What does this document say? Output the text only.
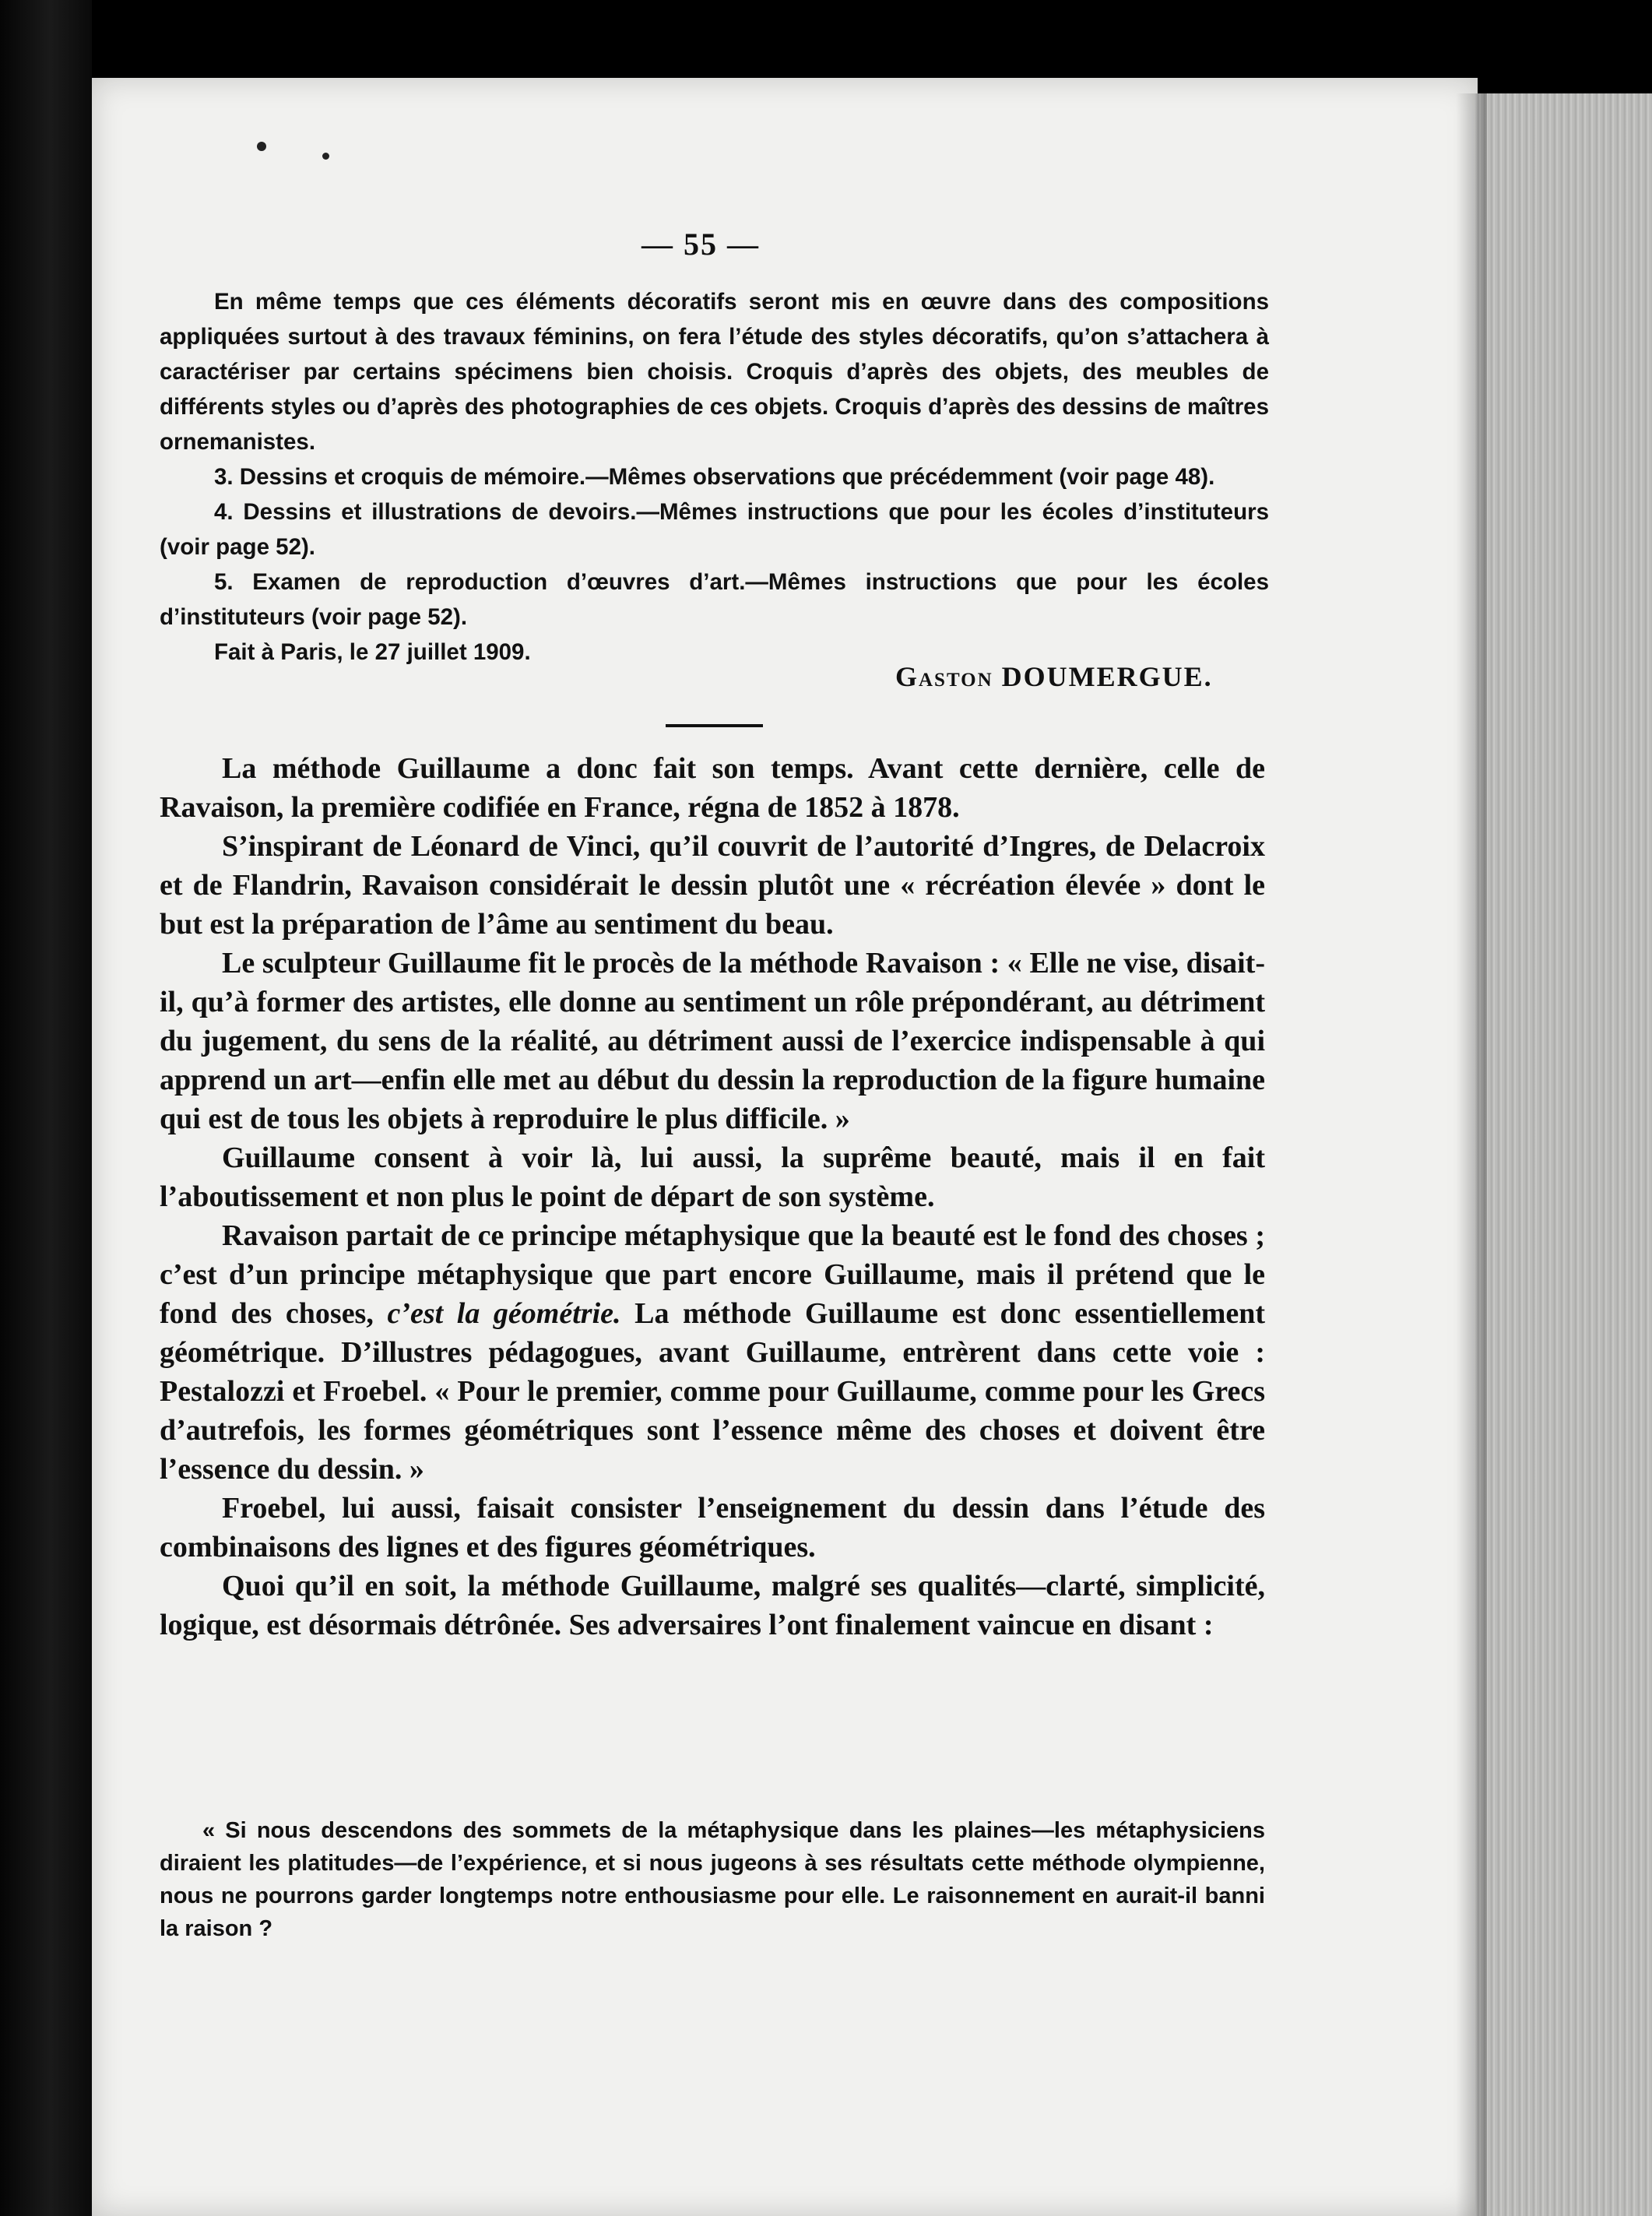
— 55 —

En même temps que ces éléments décoratifs seront mis en œuvre dans des compositions appliquées surtout à des travaux féminins, on fera l’étude des styles décoratifs, qu’on s’attachera à caractériser par certains spécimens bien choisis. Croquis d’après des objets, des meubles de différents styles ou d’après des photographies de ces objets. Croquis d’après des dessins de maîtres ornemanistes.

3. Dessins et croquis de mémoire.—Mêmes observations que précédemment (voir page 48).

4. Dessins et illustrations de devoirs.—Mêmes instructions que pour les écoles d’instituteurs (voir page 52).

5. Examen de reproduction d’œuvres d’art.—Mêmes instructions que pour les écoles d’instituteurs (voir page 52).

Fait à Paris, le 27 juillet 1909.

Gaston DOUMERGUE.

La méthode Guillaume a donc fait son temps. Avant cette dernière, celle de Ravaison, la première codifiée en France, régna de 1852 à 1878.

S’inspirant de Léonard de Vinci, qu’il couvrit de l’autorité d’Ingres, de Delacroix et de Flandrin, Ravaison considérait le dessin plutôt une « récréation élevée » dont le but est la préparation de l’âme au sentiment du beau.

Le sculpteur Guillaume fit le procès de la méthode Ravaison : « Elle ne vise, disait-il, qu’à former des artistes, elle donne au sentiment un rôle prépondérant, au détriment du jugement, du sens de la réalité, au détriment aussi de l’exercice indispensable à qui apprend un art—enfin elle met au début du dessin la reproduction de la figure humaine qui est de tous les objets à reproduire le plus difficile. »

Guillaume consent à voir là, lui aussi, la suprême beauté, mais il en fait l’aboutissement et non plus le point de départ de son système.

Ravaison partait de ce principe métaphysique que la beauté est le fond des choses ; c’est d’un principe métaphysique que part encore Guillaume, mais il prétend que le fond des choses, c’est la géométrie. La méthode Guillaume est donc essentiellement géométrique. D’illustres pédagogues, avant Guillaume, entrèrent dans cette voie : Pestalozzi et Froebel. « Pour le premier, comme pour Guillaume, comme pour les Grecs d’autrefois, les formes géométriques sont l’essence même des choses et doivent être l’essence du dessin. »

Froebel, lui aussi, faisait consister l’enseignement du dessin dans l’étude des combinaisons des lignes et des figures géométriques.

Quoi qu’il en soit, la méthode Guillaume, malgré ses qualités—clarté, simplicité, logique, est désormais détrônée. Ses adversaires l’ont finalement vaincue en disant :

« Si nous descendons des sommets de la métaphysique dans les plaines—les métaphysiciens diraient les platitudes—de l’expérience, et si nous jugeons à ses résultats cette méthode olympienne, nous ne pourrons garder longtemps notre enthousiasme pour elle. Le raisonnement en aurait-il banni la raison ?
